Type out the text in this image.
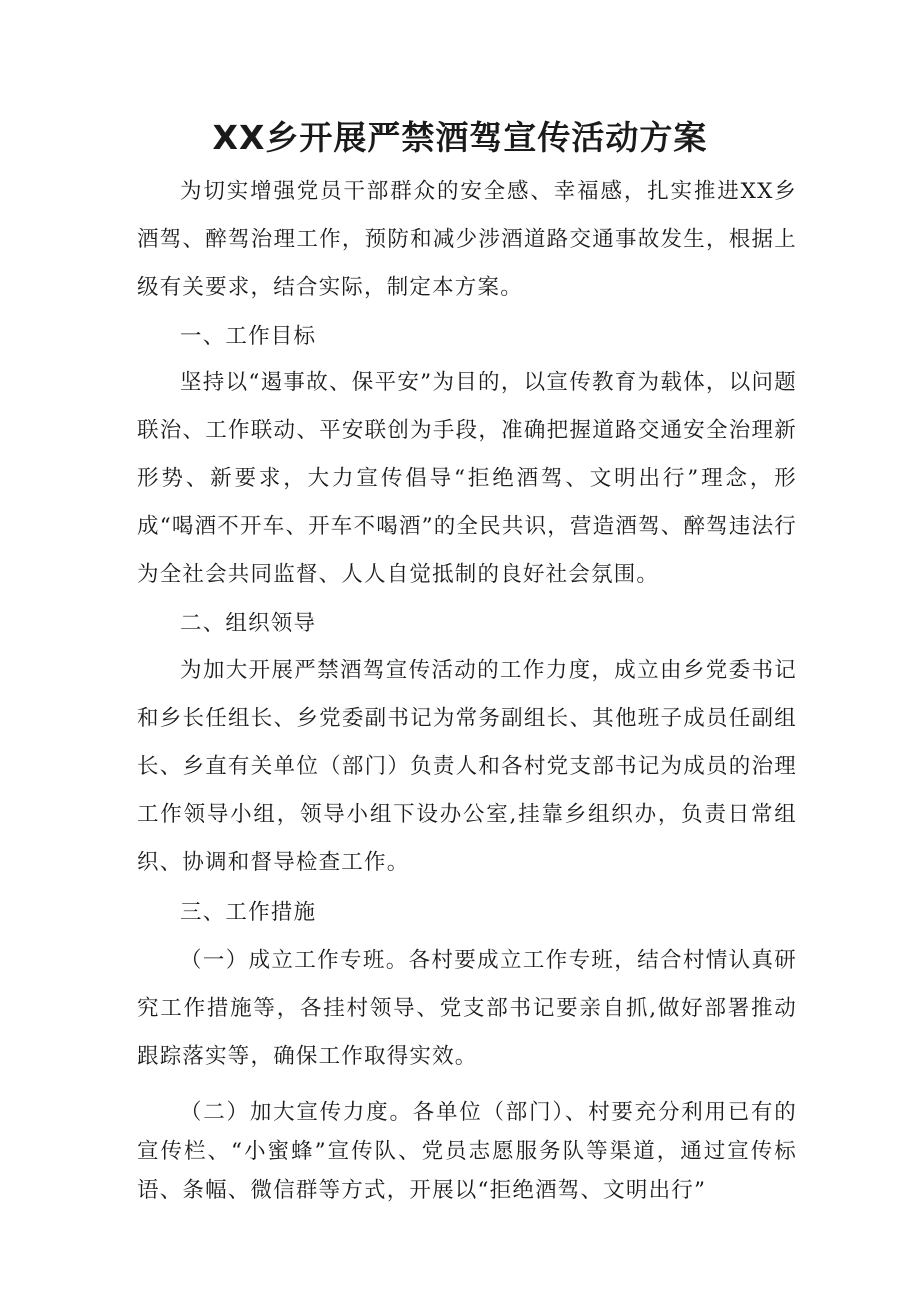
XX乡开展严禁酒驾宣传活动方案

为切实增强党员干部群众的安全感、幸福感，扎实推进XX乡酒驾、醉驾治理工作，预防和减少涉酒道路交通事故发生，根据上级有关要求，结合实际，制定本方案。

一、工作目标

坚持以“遏事故、保平安”为目的，以宣传教育为载体，以问题联治、工作联动、平安联创为手段，准确把握道路交通安全治理新形势、新要求，大力宣传倡导“拒绝酒驾、文明出行”理念，形成“喝酒不开车、开车不喝酒”的全民共识，营造酒驾、醉驾违法行为全社会共同监督、人人自觉抵制的良好社会氛围。

二、组织领导

为加大开展严禁酒驾宣传活动的工作力度，成立由乡党委书记和乡长任组长、乡党委副书记为常务副组长、其他班子成员任副组长、乡直有关单位（部门）负责人和各村党支部书记为成员的治理工作领导小组，领导小组下设办公室,挂靠乡组织办，负责日常组织、协调和督导检查工作。

三、工作措施

（一）成立工作专班。各村要成立工作专班，结合村情认真研究工作措施等，各挂村领导、党支部书记要亲自抓,做好部署推动跟踪落实等，确保工作取得实效。

（二）加大宣传力度。各单位（部门）、村要充分利用已有的宣传栏、“小蜜蜂”宣传队、党员志愿服务队等渠道，通过宣传标语、条幅、微信群等方式，开展以“拒绝酒驾、文明出行”
